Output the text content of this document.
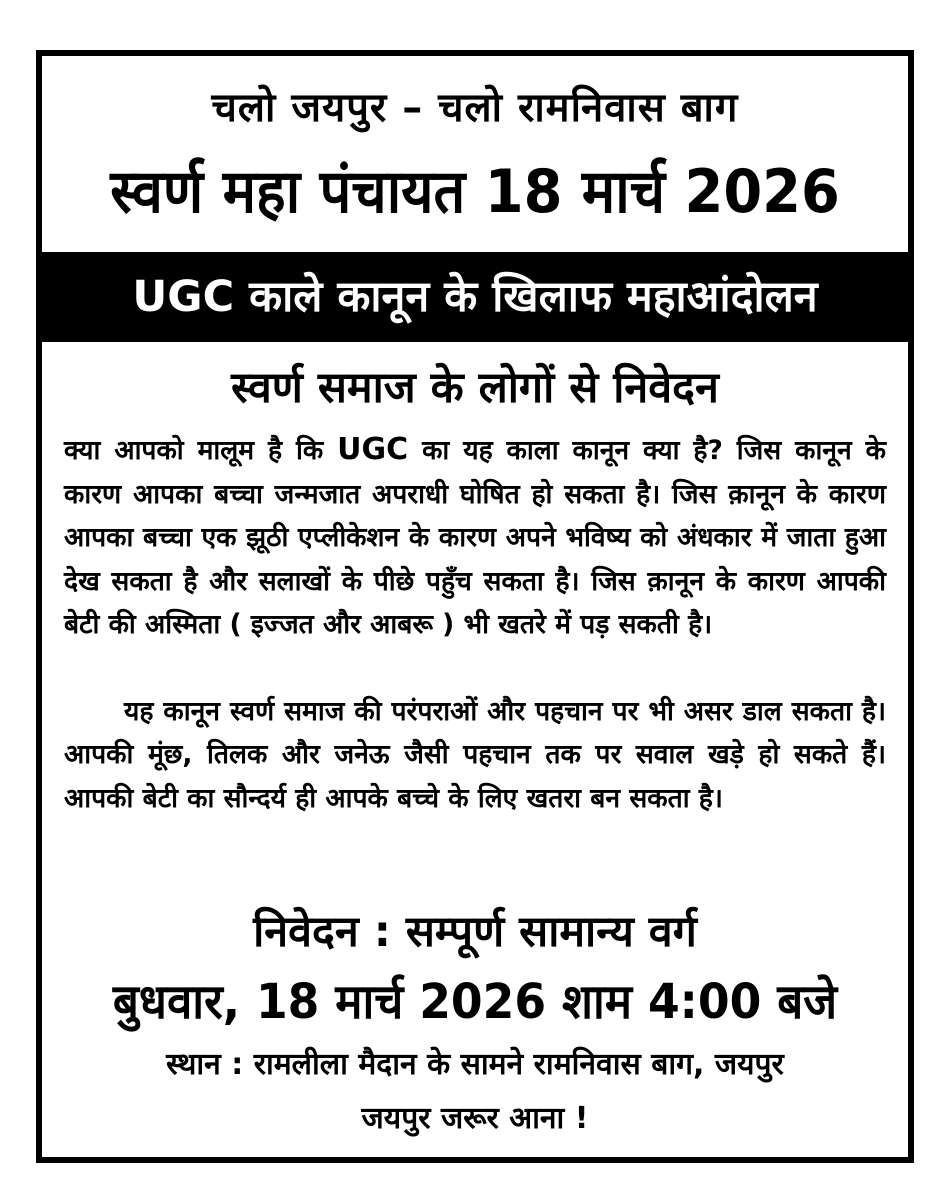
चलो जयपुर – चलो रामनिवास बाग
स्वर्ण महा पंचायत 18 मार्च 2026
UGC काले कानून के खिलाफ महाआंदोलन
स्वर्ण समाज के लोगों से निवेदन

क्या आपको मालूम है कि UGC का यह काला कानून क्या है? जिस कानून के कारण आपका बच्चा जन्मजात अपराधी घोषित हो सकता है। जिस क़ानून के कारण आपका बच्चा एक झूठी एप्लीकेशन के कारण अपने भविष्य को अंधकार में जाता हुआ देख सकता है और सलाखों के पीछे पहुँच सकता है। जिस क़ानून के कारण आपकी बेटी की अस्मिता ( इज्जत और आबरू ) भी खतरे में पड़ सकती है।

यह कानून स्वर्ण समाज की परंपराओं और पहचान पर भी असर डाल सकता है। आपकी मूंछ, तिलक और जनेऊ जैसी पहचान तक पर सवाल खड़े हो सकते हैं। आपकी बेटी का सौन्दर्य ही आपके बच्चे के लिए खतरा बन सकता है।

निवेदन : सम्पूर्ण सामान्य वर्ग
बुधवार, 18 मार्च 2026 शाम 4:00 बजे
स्थान : रामलीला मैदान के सामने रामनिवास बाग, जयपुर
जयपुर जरूर आना !
